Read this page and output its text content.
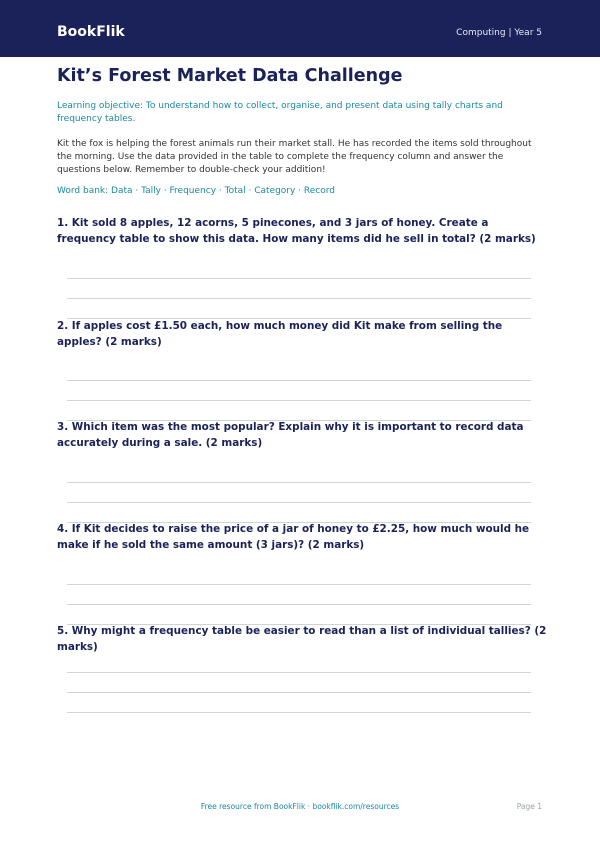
BookFlik	Computing | Year 5
Kit’s Forest Market Data Challenge
Learning objective: To understand how to collect, organise, and present data using tally charts and frequency tables.
Kit the fox is helping the forest animals run their market stall. He has recorded the items sold throughout the morning. Use the data provided in the table to complete the frequency column and answer the questions below. Remember to double-check your addition!
Word bank: Data · Tally · Frequency · Total · Category · Record
1. Kit sold 8 apples, 12 acorns, 5 pinecones, and 3 jars of honey. Create a frequency table to show this data. How many items did he sell in total? (2 marks)
2. If apples cost £1.50 each, how much money did Kit make from selling the apples? (2 marks)
3. Which item was the most popular? Explain why it is important to record data accurately during a sale. (2 marks)
4. If Kit decides to raise the price of a jar of honey to £2.25, how much would he make if he sold the same amount (3 jars)? (2 marks)
5. Why might a frequency table be easier to read than a list of individual tallies? (2 marks)
Free resource from BookFlik · bookflik.com/resources	Page 1
